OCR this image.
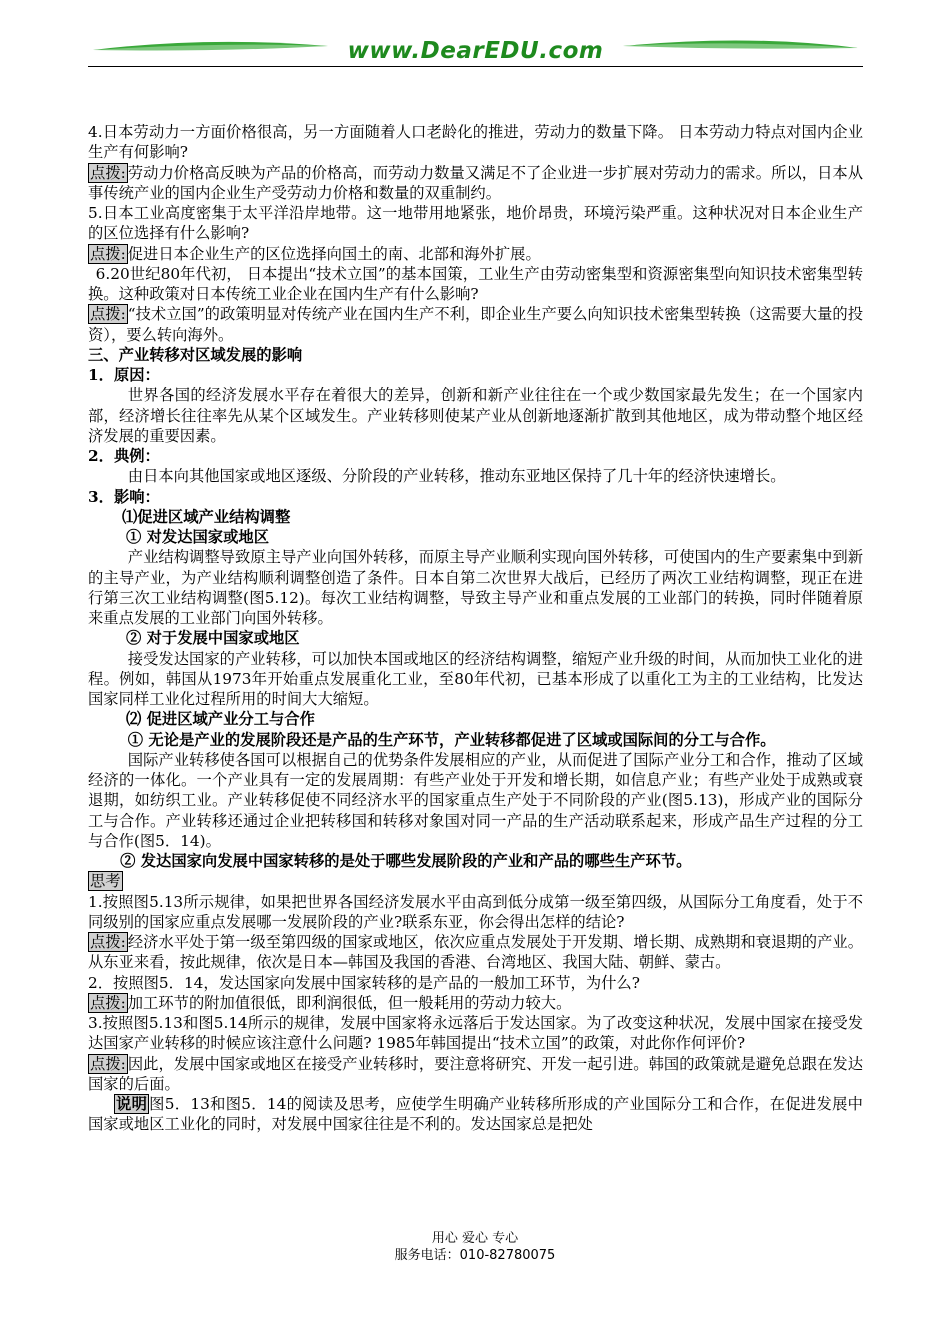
www.DearEDU.com

4.日本劳动力一方面价格很高，另一方面随着人口老龄化的推进，劳动力的数量下降。 日本劳动力特点对国内企业生产有何影响?

点拨: 劳动力价格高反映为产品的价格高，而劳动力数量又满足不了企业进一步扩展对劳动力的需求。所以，日本从事传统产业的国内企业生产受劳动力价格和数量的双重制约。

5.日本工业高度密集于太平洋沿岸地带。这一地带用地紧张，地价昂贵，环境污染严重。这种状况对日本企业生产的区位选择有什么影响?

点拨: 促进日本企业生产的区位选择向国土的南、北部和海外扩展。

6.20世纪80年代初， 日本提出“技术立国”的基本国策，工业生产由劳动密集型和资源密集型向知识技术密集型转换。这种政策对日本传统工业企业在国内生产有什么影响?

点拨: “技术立国”的政策明显对传统产业在国内生产不利，即企业生产要么向知识技术密集型转换（这需要大量的投资），要么转向海外。

三、产业转移对区域发展的影响

1．原因：

世界各国的经济发展水平存在着很大的差异，创新和新产业往往在一个或少数国家最先发生；在一个国家内部，经济增长往往率先从某个区域发生。产业转移则使某产业从创新地逐渐扩散到其他地区，成为带动整个地区经济发展的重要因素。

2．典例：

由日本向其他国家或地区逐级、分阶段的产业转移，推动东亚地区保持了几十年的经济快速增长。

3．影响：

⑴促进区域产业结构调整

① 对发达国家或地区

产业结构调整导致原主导产业向国外转移，而原主导产业顺利实现向国外转移，可使国内的生产要素集中到新的主导产业，为产业结构顺利调整创造了条件。日本自第二次世界大战后，已经历了两次工业结构调整，现正在进行第三次工业结构调整(图5.12)。每次工业结构调整，导致主导产业和重点发展的工业部门的转换，同时伴随着原来重点发展的工业部门向国外转移。

② 对于发展中国家或地区

接受发达国家的产业转移，可以加快本国或地区的经济结构调整，缩短产业升级的时间，从而加快工业化的进程。例如，韩国从1973年开始重点发展重化工业，至80年代初，已基本形成了以重化工为主的工业结构，比发达国家同样工业化过程所用的时间大大缩短。

⑵ 促进区域产业分工与合作

① 无论是产业的发展阶段还是产品的生产环节，产业转移都促进了区域或国际间的分工与合作。

国际产业转移使各国可以根据自己的优势条件发展相应的产业，从而促进了国际产业分工和合作，推动了区域经济的一体化。一个产业具有一定的发展周期：有些产业处于开发和增长期，如信息产业；有些产业处于成熟或衰退期，如纺织工业。产业转移促使不同经济水平的国家重点生产处于不同阶段的产业(图5.13)，形成产业的国际分工与合作。产业转移还通过企业把转移国和转移对象国对同一产品的生产活动联系起来，形成产品生产过程的分工与合作(图5．14)。

② 发达国家向发展中国家转移的是处于哪些发展阶段的产业和产品的哪些生产环节。

思考

1.按照图5.13所示规律，如果把世界各国经济发展水平由高到低分成第一级至第四级，从国际分工角度看，处于不同级别的国家应重点发展哪一发展阶段的产业?联系东亚，你会得出怎样的结论?

点拨: 经济水平处于第一级至第四级的国家或地区，依次应重点发展处于开发期、增长期、成熟期和衰退期的产业。从东亚来看，按此规律，依次是日本—韩国及我国的香港、台湾地区、我国大陆、朝鲜、蒙古。

2．按照图5．14，发达国家向发展中国家转移的是产品的一般加工环节，为什么?

点拨: 加工环节的附加值很低，即利润很低，但一般耗用的劳动力较大。

3.按照图5.13和图5.14所示的规律，发展中国家将永远落后于发达国家。为了改变这种状况，发展中国家在接受发达国家产业转移的时候应该注意什么问题? 1985年韩国提出“技术立国”的政策，对此你作何评价?

点拨: 因此，发展中国家或地区在接受产业转移时，要注意将研究、开发一起引进。韩国的政策就是避免总跟在发达国家的后面。

说明 图5．13和图5．14的阅读及思考，应使学生明确产业转移所形成的产业国际分工和合作，在促进发展中国家或地区工业化的同时，对发展中国家往往是不利的。发达国家总是把处

用心 爱心 专心
服务电话：010-82780075
